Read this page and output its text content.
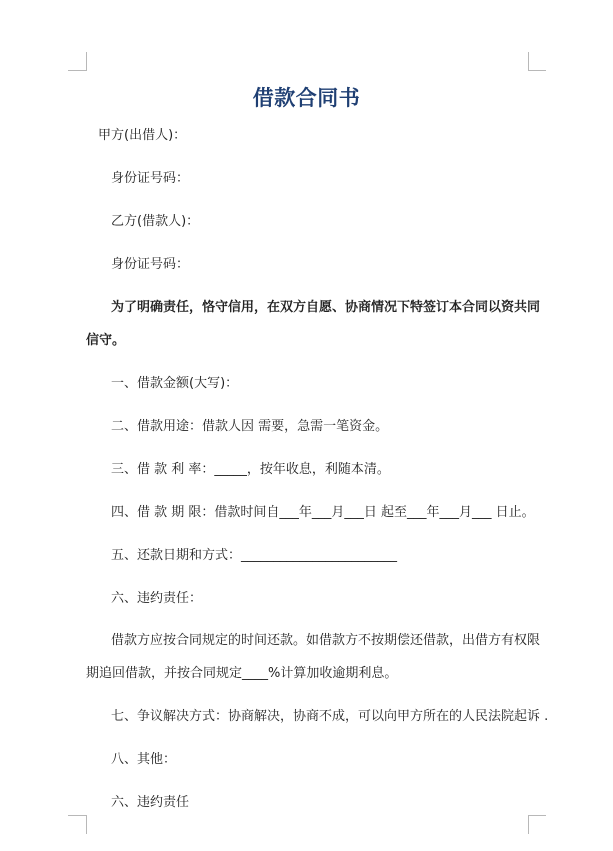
借款合同书
甲方(出借人)：
身份证号码：
乙方(借款人)：
身份证号码：
为了明确责任，恪守信用，在双方自愿、协商情况下特签订本合同以资共同
信守。
一、借款金额(大写)：
二、借款用途：借款人因 需要，急需一笔资金。
三、借 款 利 率：_____，按年收息，利随本清。
四、借 款 期 限：借款时间自___年___月___日 起至___年___月___ 日止。
五、还款日期和方式：________________________
六、违约责任：
借款方应按合同规定的时间还款。如借款方不按期偿还借款，出借方有权限
期追回借款，并按合同规定____%计算加收逾期利息。
七、争议解决方式：协商解决，协商不成，可以向甲方所在的人民法院起诉 .
八、其他：
六、违约责任
